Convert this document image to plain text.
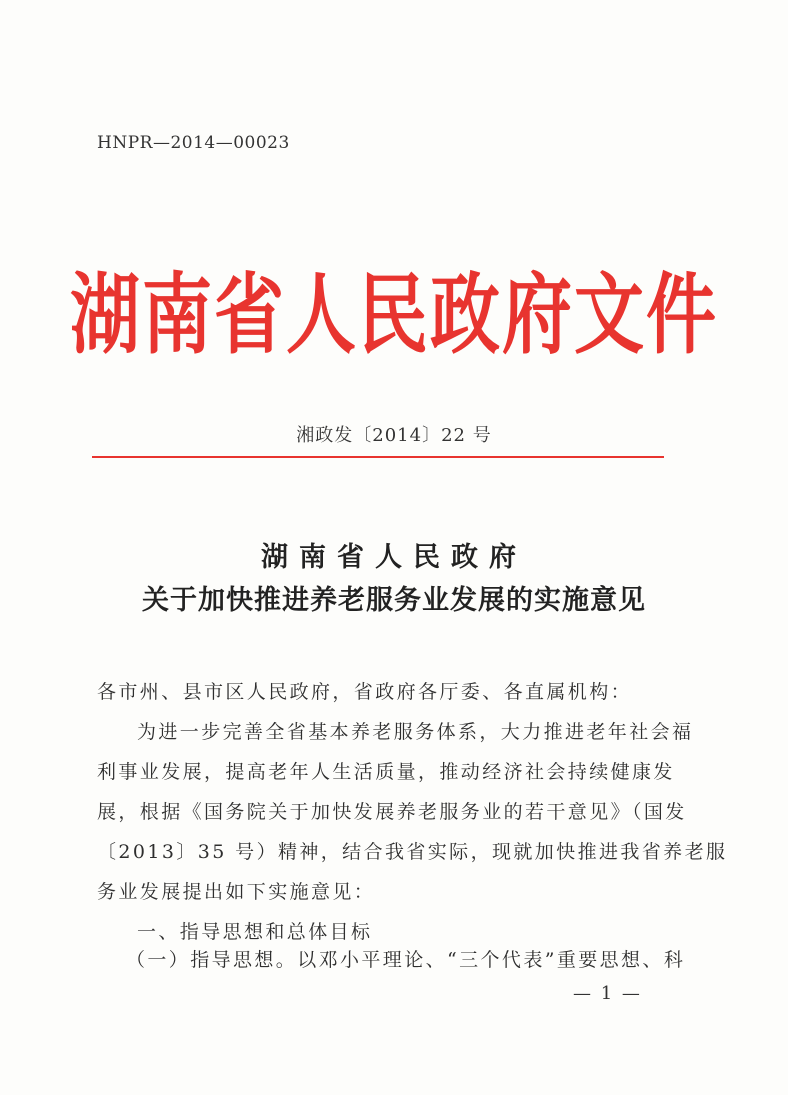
HNPR—2014—00023
湖南省人民政府文件
湘政发〔2014〕22 号
湖南省人民政府
关于加快推进养老服务业发展的实施意见
各市州、县市区人民政府，省政府各厅委、各直属机构：
为进一步完善全省基本养老服务体系，大力推进老年社会福
利事业发展，提高老年人生活质量，推动经济社会持续健康发
展，根据《国务院关于加快发展养老服务业的若干意见》（国发
〔2013〕35 号）精神，结合我省实际，现就加快推进我省养老服
务业发展提出如下实施意见：
一、指导思想和总体目标
（一）指导思想。以邓小平理论、“三个代表”重要思想、科
— 1 —
